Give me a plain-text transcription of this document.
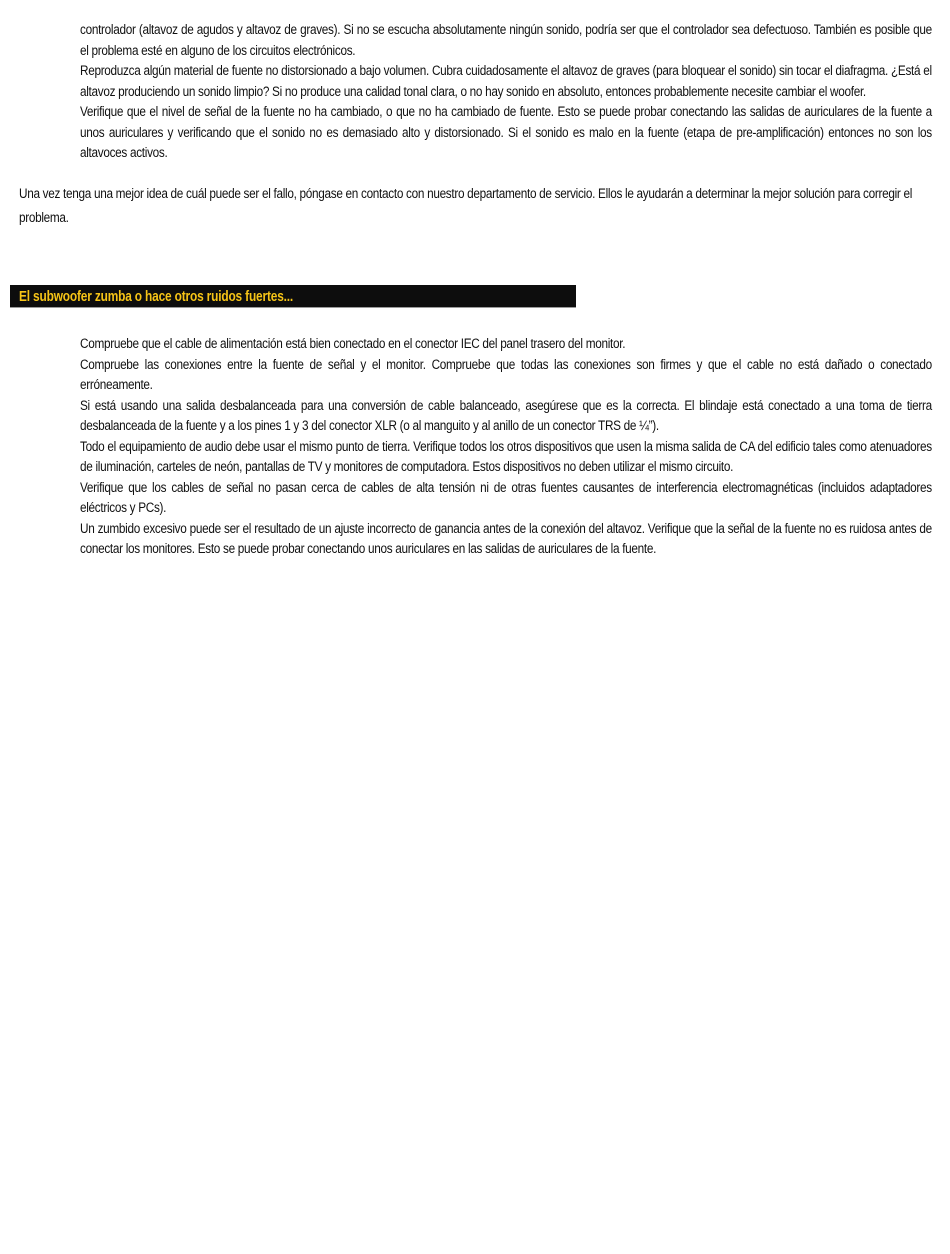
controlador (altavoz de agudos y altavoz de graves). Si no se escucha absolutamente ningún sonido, podría ser que el controlador sea defectuoso. También es posible que el problema esté en alguno de los circuitos electrónicos.
Reproduzca algún material de fuente no distorsionado a bajo volumen. Cubra cuidadosamente el altavoz de graves (para bloquear el sonido) sin tocar el diafragma. ¿Está el altavoz produciendo un sonido limpio? Si no produce una calidad tonal clara, o no hay sonido en absoluto, entonces probablemente necesite cambiar el woofer.
Verifique que el nivel de señal de la fuente no ha cambiado, o que no ha cambiado de fuente. Esto se puede probar conectando las salidas de auriculares de la fuente a unos auriculares y verificando que el sonido no es demasiado alto y distorsionado. Si el sonido es malo en la fuente (etapa de pre-amplificación) entonces no son los altavoces activos.
Una vez tenga una mejor idea de cuál puede ser el fallo, póngase en contacto con nuestro departamento de servicio. Ellos le ayudarán a determinar la mejor solución para corregir el problema.
El subwoofer zumba o hace otros ruidos fuertes...
Compruebe que el cable de alimentación está bien conectado en el conector IEC del panel trasero del monitor.
Compruebe las conexiones entre la fuente de señal y el monitor. Compruebe que todas las conexiones son firmes y que el cable no está dañado o conectado erróneamente.
Si está usando una salida desbalanceada para una conversión de cable balanceado, asegúrese que es la correcta. El blindaje está conectado a una toma de tierra desbalanceada de la fuente y a los pines 1 y 3 del conector XLR (o al manguito y al anillo de un conector TRS de ¼”).
Todo el equipamiento de audio debe usar el mismo punto de tierra. Verifique todos los otros dispositivos que usen la misma salida de CA del edificio tales como atenuadores de iluminación, carteles de neón, pantallas de TV y monitores de computadora. Estos dispositivos no deben utilizar el mismo circuito.
Verifique que los cables de señal no pasan cerca de cables de alta tensión ni de otras fuentes causantes de interferencia electromagnéticas (incluidos adaptadores eléctricos y PCs).
Un zumbido excesivo puede ser el resultado de un ajuste incorrecto de ganancia antes de la conexión del altavoz. Verifique que la señal de la fuente no es ruidosa antes de conectar los monitores. Esto se puede probar conectando unos auriculares en las salidas de auriculares de la fuente.
